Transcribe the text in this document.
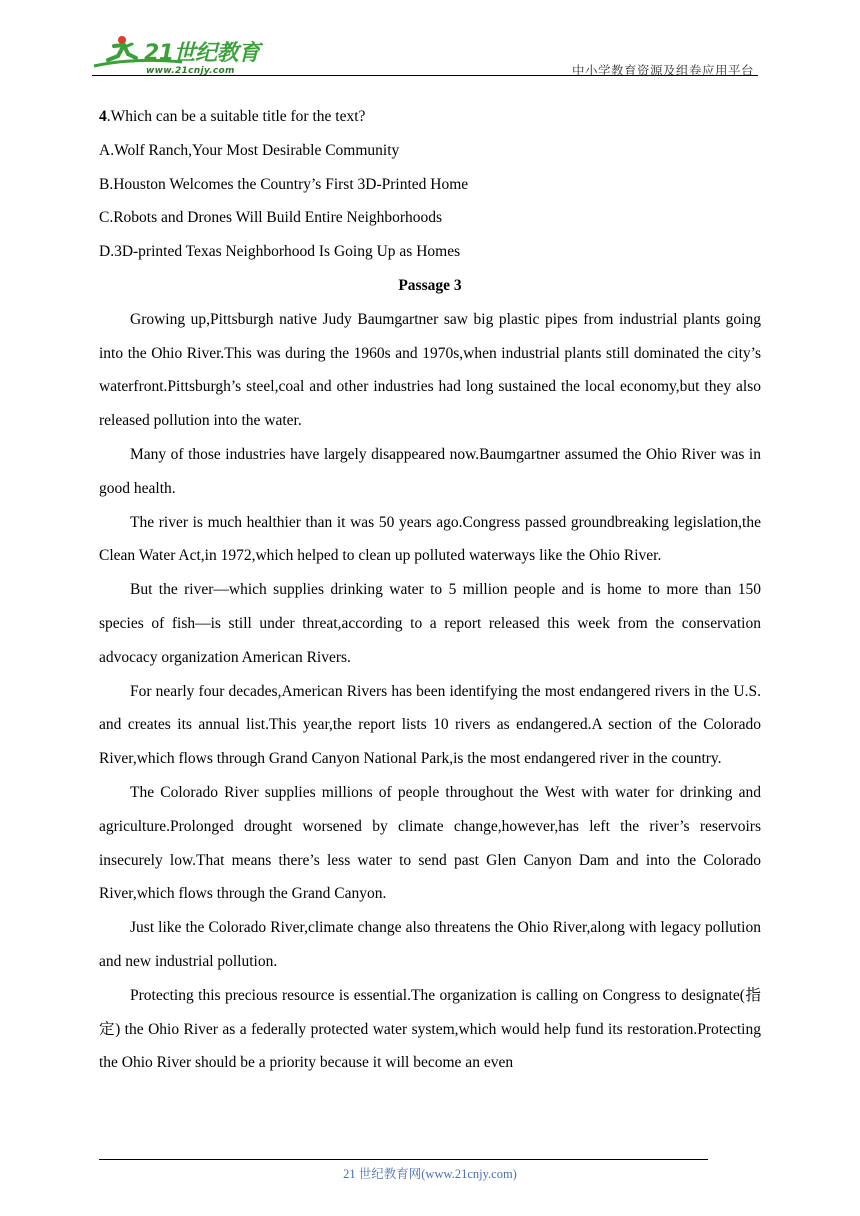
21世纪教育
www.21cnjy.com	中小学教育资源及组卷应用平台

4.Which can be a suitable title for the text?

A.Wolf Ranch,Your Most Desirable Community

B.Houston Welcomes the Country’s First 3D-Printed Home

C.Robots and Drones Will Build Entire Neighborhoods

D.3D-printed Texas Neighborhood Is Going Up as Homes

Passage 3

Growing up,Pittsburgh native Judy Baumgartner saw big plastic pipes from industrial plants going into the Ohio River.This was during the 1960s and 1970s,when industrial plants still dominated the city’s waterfront.Pittsburgh’s steel,coal and other industries had long sustained the local economy,but they also released pollution into the water.

Many of those industries have largely disappeared now.Baumgartner assumed the Ohio River was in good health.

The river is much healthier than it was 50 years ago.Congress passed groundbreaking legislation,the Clean Water Act,in 1972,which helped to clean up polluted waterways like the Ohio River.

But the river—which supplies drinking water to 5 million people and is home to more than 150 species of fish—is still under threat,according to a report released this week from the conservation advocacy organization American Rivers.

For nearly four decades,American Rivers has been identifying the most endangered rivers in the U.S. and creates its annual list.This year,the report lists 10 rivers as endangered.A section of the Colorado River,which flows through Grand Canyon National Park,is the most endangered river in the country.

The Colorado River supplies millions of people throughout the West with water for drinking and agriculture.Prolonged drought worsened by climate change,however,has left the river’s reservoirs insecurely low.That means there’s less water to send past Glen Canyon Dam and into the Colorado River,which flows through the Grand Canyon.

Just like the Colorado River,climate change also threatens the Ohio River,along with legacy pollution and new industrial pollution.

Protecting this precious resource is essential.The organization is calling on Congress to designate(指定) the Ohio River as a federally protected water system,which would help fund its restoration.Protecting the Ohio River should be a priority because it will become an even

21 世纪教育网(www.21cnjy.com)
